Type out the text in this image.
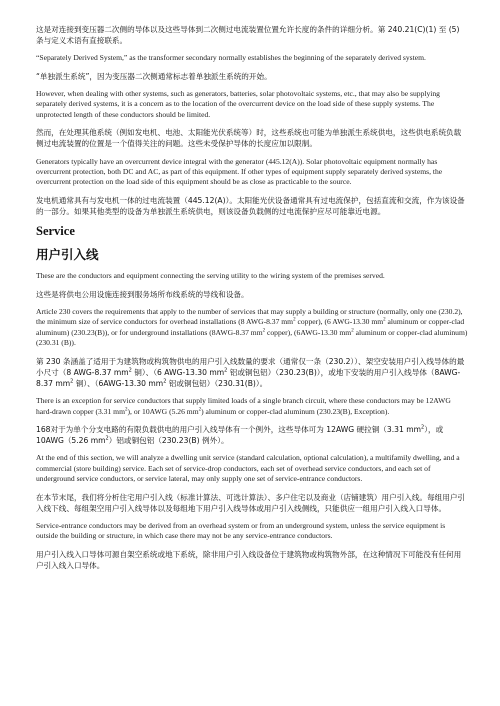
这是对连接到变压器二次侧的导体以及这些导体到二次侧过电流装置位置允许长度的条件的详细分析。第 240.21(C)(1) 至 (5) 条与定义术语有直接联系。

“Separately Derived System,” as the transformer secondary normally establishes the beginning of the separately derived system.

“单独派生系统”，因为变压器二次侧通常标志着单独派生系统的开始。

However, when dealing with other systems, such as generators, batteries, solar photovoltaic systems, etc., that may also be supplying separately derived systems, it is a concern as to the location of the overcurrent device on the load side of these supply systems. The unprotected length of these conductors should be limited.

然而，在处理其他系统（例如发电机、电池、太阳能光伏系统等）时，这些系统也可能为单独派生系统供电，这些供电系统负载侧过电流装置的位置是一个值得关注的问题。这些未受保护导体的长度应加以限制。

Generators typically have an overcurrent device integral with the generator (445.12(A)). Solar photovoltaic equipment normally has overcurrent protection, both DC and AC, as part of this equipment. If other types of equipment supply separately derived systems, the overcurrent protection on the load side of this equipment should be as close as practicable to the source.

发电机通常具有与发电机一体的过电流装置（445.12(A)）。太阳能光伏设备通常具有过电流保护，包括直流和交流，作为该设备的一部分。如果其他类型的设备为单独派生系统供电，则该设备负载侧的过电流保护应尽可能靠近电源。

Service
用户引入线

These are the conductors and equipment connecting the serving utility to the wiring system of the premises served.

这些是将供电公用设施连接到服务场所布线系统的导线和设备。

Article 230 covers the requirements that apply to the number of services that may supply a building or structure (normally, only one (230.2), the minimum size of service conductors for overhead installations (8 AWG-8.37 $mm^2$ copper), (6 AWG-13.30 $mm^2$ aluminum or copper-clad aluminum) (230.23(B)), or for underground installations (8AWG-8.37 $mm^2$ copper), (6AWG-13.30 $mm^2$ aluminum or copper-clad aluminum) (230.31 (B)).

第 230 条涵盖了适用于为建筑物或构筑物供电的用户引入线数量的要求（通常仅一条（230.2））、架空安装用户引入线导体的最小尺寸（8 AWG-8.37 $mm^2$ 铜）、（6 AWG-13.30 $mm^2$ 铝或铜包铝）（230.23(B)），或地下安装的用户引入线导体（8AWG-8.37 $mm^2$ 铜）、（6AWG-13.30 $mm^2$ 铝或铜包铝）（230.31(B)）。

There is an exception for service conductors that supply limited loads of a single branch circuit, where these conductors may be 12AWG hard-drawn copper (3.31 $mm^2$), or 10AWG (5.26 $mm^2$) aluminum or copper-clad aluminum (230.23(B), Exception).

168对于为单个分支电路的有限负载供电的用户引入线导体有一个例外，这些导体可为 12AWG 硬拉铜（3.31 $mm^2$），或 10AWG（5.26 $mm^2$）铝或铜包铝（230.23(B) 例外）。

At the end of this section, we will analyze a dwelling unit service (standard calculation, optional calculation), a multifamily dwelling, and a commercial (store building) service. Each set of service-drop conductors, each set of overhead service conductors, and each set of underground service conductors, or service lateral, may only supply one set of service-entrance conductors.

在本节末尾，我们将分析住宅用户引入线（标准计算法、可选计算法）、多户住宅以及商业（店铺建筑）用户引入线。每组用户引入线下线、每组架空用户引入线导体以及每组地下用户引入线导体或用户引入线侧线，只能供应一组用户引入线入口导体。

Service-entrance conductors may be derived from an overhead system or from an underground system, unless the service equipment is outside the building or structure, in which case there may not be any service-entrance conductors.

用户引入线入口导体可源自架空系统或地下系统，除非用户引入线设备位于建筑物或构筑物外部，在这种情况下可能没有任何用户引入线入口导体。
